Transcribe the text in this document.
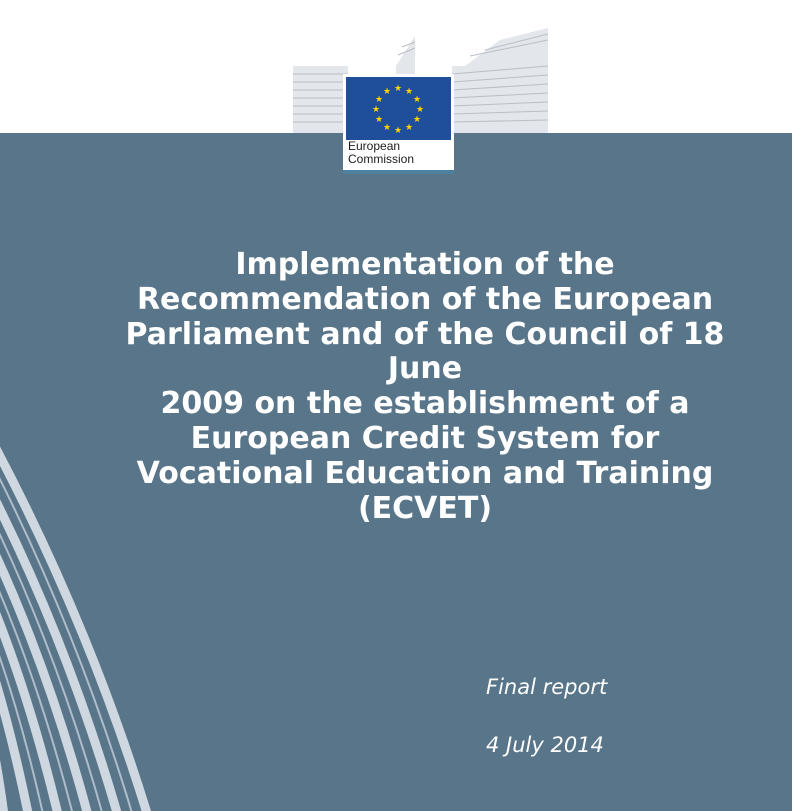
★ ★
★
★
★
★
★
★
★
★
★
★
European
Commission
Implementation of the
Recommendation of the European
Parliament and of the Council of 18
June
2009 on the establishment of a
European Credit System for
Vocational Education and Training
(ECVET)
Final report
4 July 2014
